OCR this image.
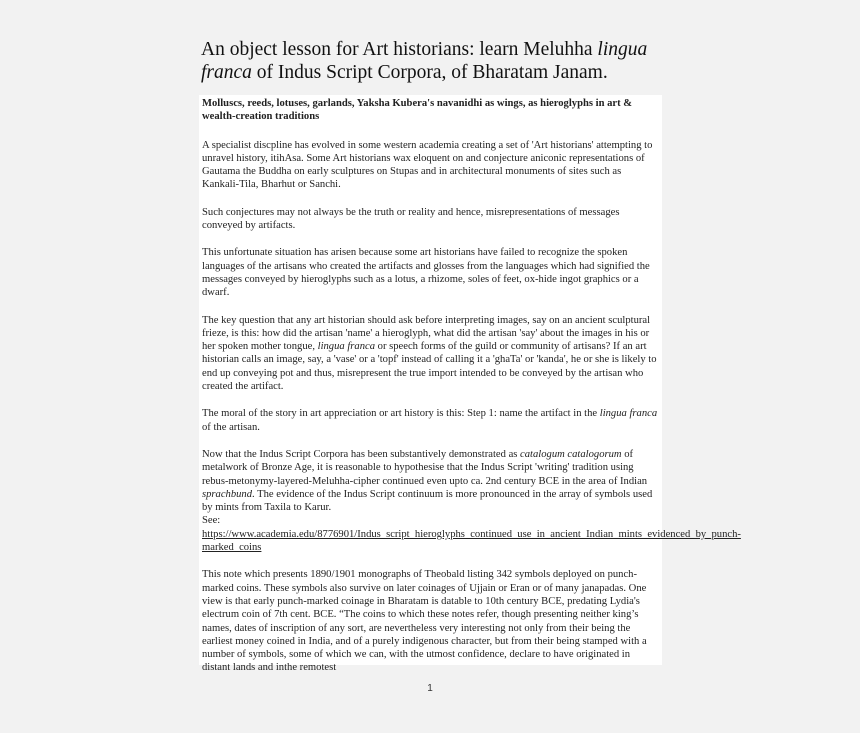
An object lesson for Art historians: learn Meluhha lingua franca of Indus Script Corpora, of Bharatam Janam.

Molluscs, reeds, lotuses, garlands, Yaksha Kubera's navanidhi as wings, as hieroglyphs in art & wealth-creation traditions

A specialist discpline has evolved in some western academia creating a set of 'Art historians' attempting to unravel history, itihAsa. Some Art historians wax eloquent on and conjecture aniconic representations of Gautama the Buddha on early sculptures on Stupas and in architectural monuments of sites such as Kankali-Tila, Bharhut or Sanchi.

Such conjectures may not always be the truth or reality and hence, misrepresentations of messages conveyed by artifacts.

This unfortunate situation has arisen because some art historians have failed to recognize the spoken languages of the artisans who created the artifacts and glosses from the languages which had signified the messages conveyed by hieroglyphs such as a lotus, a rhizome, soles of feet, ox-hide ingot graphics or a dwarf.

The key question that any art historian should ask before interpreting images, say on an ancient sculptural frieze, is this: how did the artisan 'name' a hieroglyph, what did the artisan 'say' about the images in his or her spoken mother tongue, lingua franca or speech forms of the guild or community of artisans? If an art historian calls an image, say, a 'vase' or a 'topf' instead of calling it a 'ghaTa' or 'kanda', he or she is likely to end up conveying pot and thus, misrepresent the true import intended to be conveyed by the artisan who created the artifact.

The moral of the story in art appreciation or art history is this: Step 1: name the artifact in the lingua franca of the artisan.

Now that the Indus Script Corpora has been substantively demonstrated as catalogum catalogorum of metalwork of Bronze Age, it is reasonable to hypothesise that the Indus Script 'writing' tradition using rebus-metonymy-layered-Meluhha-cipher continued even upto ca. 2nd century BCE in the area of Indian sprachbund. The evidence of the Indus Script continuum is more pronounced in the array of symbols used by mints from Taxila to Karur.
See: https://www.academia.edu/8776901/Indus_script_hieroglyphs_continued_use_in_ancient_Indian_mints_evidenced_by_punch-marked_coins

This note which presents 1890/1901 monographs of Theobald listing 342 symbols deployed on punch-marked coins. These symbols also survive on later coinages of Ujjain or Eran or of many janapadas. One view is that early punch-marked coinage in Bharatam is datable to 10th century BCE, predating Lydia's electrum coin of 7th cent. BCE. “The coins to which these notes refer, though presenting neither king’s names, dates of inscription of any sort, are nevertheless very interesting not only from their being the earliest money coined in India, and of a purely indigenous character, but from their being stamped with a number of symbols, some of which we can, with the utmost confidence, declare to have originated in distant lands and inthe remotest

1
